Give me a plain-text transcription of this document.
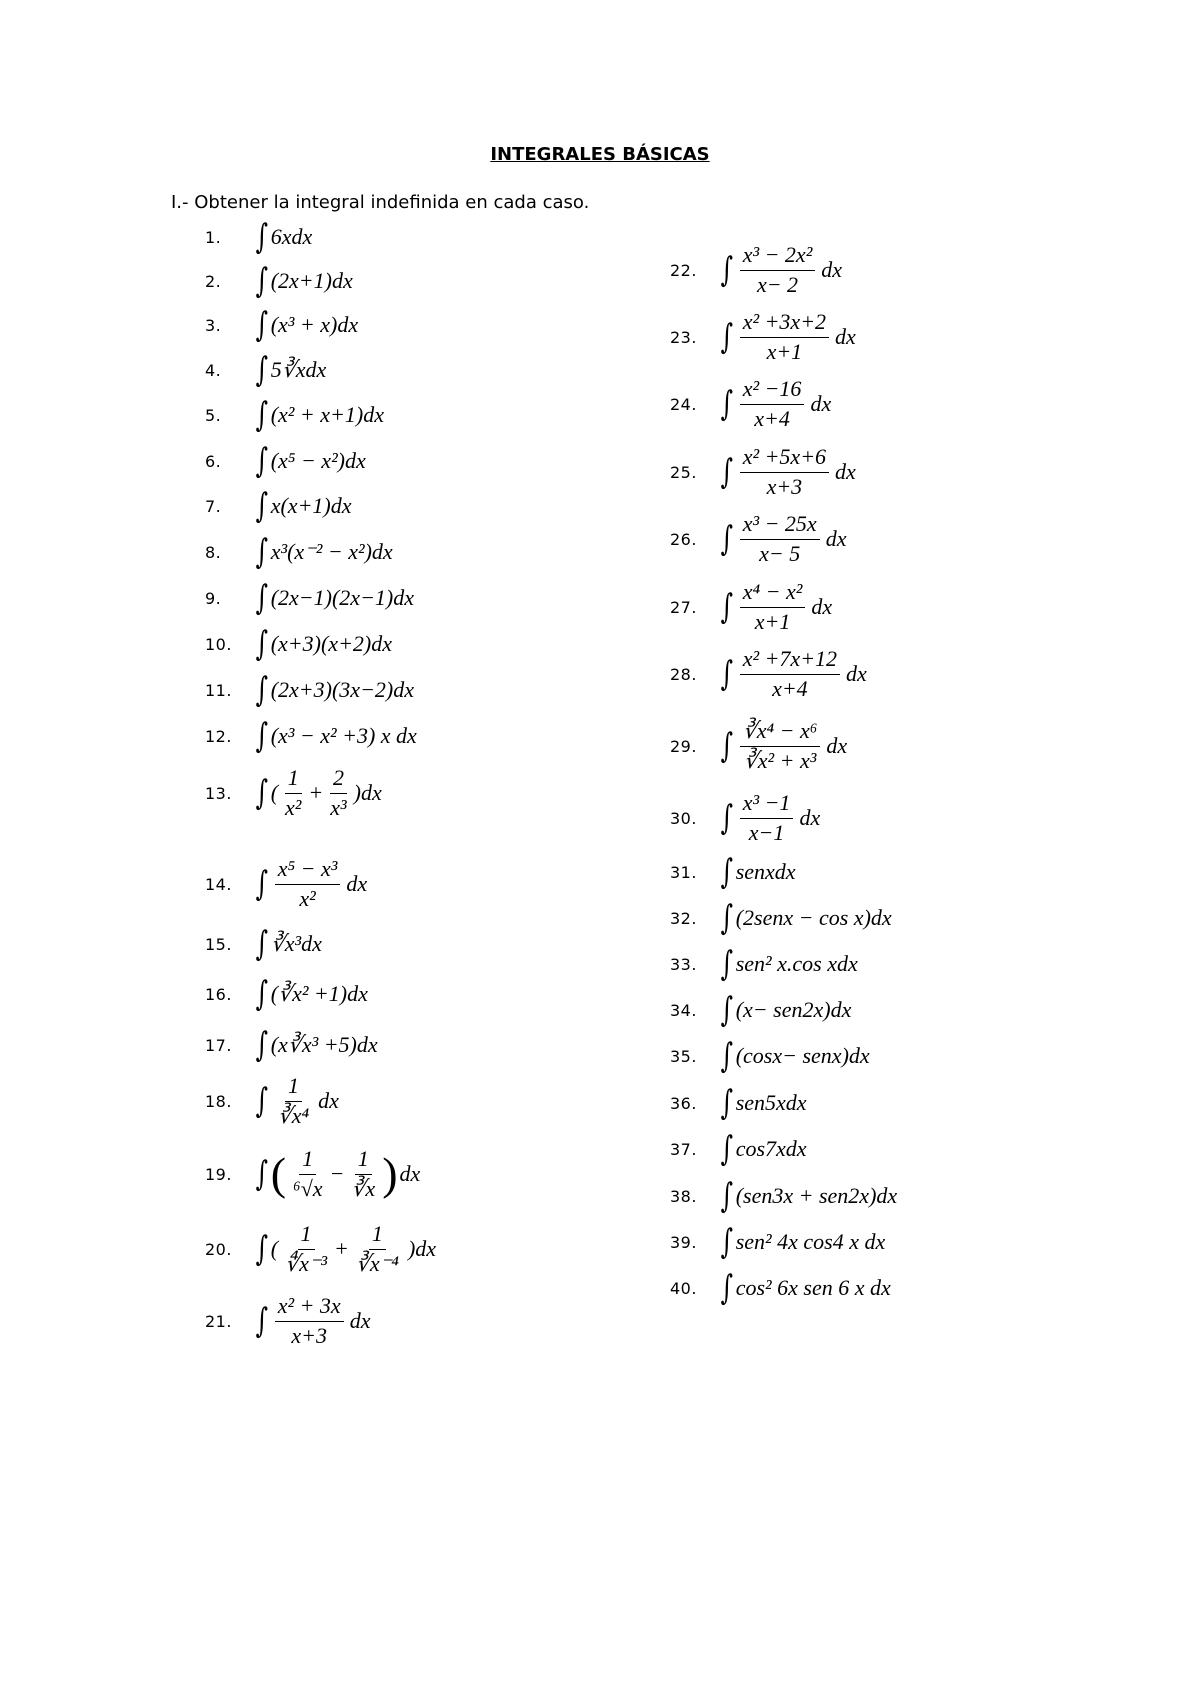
INTEGRALES BÁSICAS
I.- Obtener la integral indefinida en cada caso.
1.	∫ 6xdx
2.	∫ (2x+1)dx
3.	∫ (x³ + x)dx
4.	∫ 5∛xdx
5.	∫ (x² + x+1)dx
6.	∫ (x⁵ − x²)dx
7.	∫ x(x+1)dx
8.	∫ x³(x⁻² − x²)dx
9.	∫ (2x−1)(2x−1)dx
10. ∫ (x+3)(x+2)dx
11. ∫ (2x+3)(3x−2)dx
12. ∫ (x³ − x² +3) x dx
13. ∫ ( $\frac{1}{\text{x²}} + \frac{2}{\text{x³}} )dx$
14. ∫ $\frac{\text{x⁵ − x³}}{\text{x²}}$ dx
15. ∫ ∛x³dx
16. ∫ (∛x² +1)dx
17. ∫ (x∛x³ +5)dx
18. ∫ $\frac{1}{\text{∛x⁴}}$ dx
19. ∫ ( $\frac{1}{\text{⁶√x}} - \frac{1}{∛x}$ ) dx
20. ∫ ( $\frac{1}{\text{∜x⁻³}} + \frac{1}{\text{∛x⁻⁴}} )dx$
21. ∫ $\frac{\text{x² + 3x}}{x+3}$ dx
22. ∫ $\frac{\text{x³ − 2x²}}{x- 2}$ dx
23. ∫ $\frac{\text{x² +3x+2}}{x+1}$ dx
24. ∫ $\frac{\text{x² −16}}{x+4}$ dx
25. ∫ $\frac{\text{x² +5x+6}}{x+3}$ dx
26. ∫ $\frac{\text{x³ − 25x}}{x- 5}$ dx
27. ∫ $\frac{\text{x⁴ − x²}}{x+1}$ dx
28. ∫ $\frac{\text{x² +7x+12}}{x+4}$ dx
29. ∫ $\frac{\text{∛x⁴ − x⁶}}{\text{∛x² + x³}}$ dx
30. ∫ $\frac{\text{x³ −1}}{x-1}$ dx
31. ∫ senxdx
32. ∫ (2senx − cos x)dx
33. ∫ sen² x.cos xdx
34. ∫ (x− sen2x)dx
35. ∫ (cosx− senx)dx
36. ∫ sen5xdx
37. ∫ cos7xdx
38. ∫ (sen3x + sen2x)dx
39. ∫ sen² 4x cos4 x dx
40. ∫ cos² 6x sen 6 x dx
